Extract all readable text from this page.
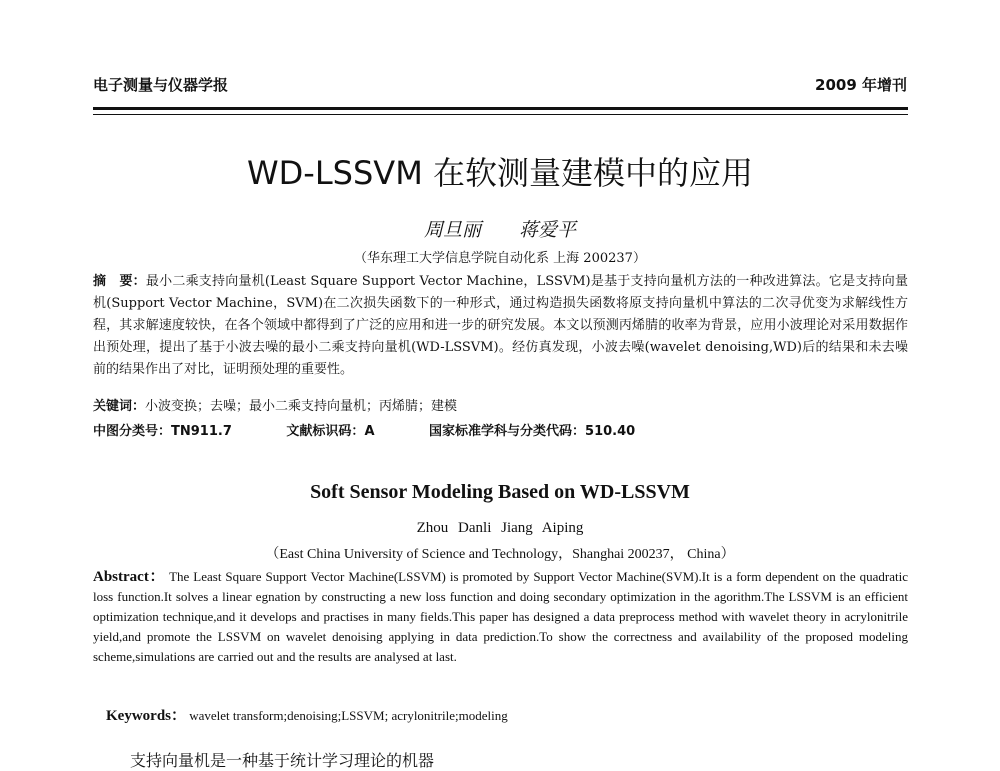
电子测量与仪器学报	2009 年增刊
WD-LSSVM 在软测量建模中的应用
周旦丽 蒋爱平
（华东理工大学信息学院自动化系 上海 200237）
摘　要：最小二乘支持向量机(Least Square Support Vector Machine，LSSVM)是基于支持向量机方法的一种改进算法。它是支持向量机(Support Vector Machine，SVM)在二次损失函数下的一种形式，通过构造损失函数将原支持向量机中算法的二次寻优变为求解线性方程，其求解速度较快，在各个领域中都得到了广泛的应用和进一步的研究发展。本文以预测丙烯腈的收率为背景，应用小波理论对采用数据作出预处理，提出了基于小波去噪的最小二乘支持向量机(WD-LSSVM)。经仿真发现，小波去噪(wavelet denoising,WD)后的结果和未去噪前的结果作出了对比，证明预处理的重要性。
关键词：小波变换；去噪；最小二乘支持向量机；丙烯腈；建模
中图分类号：TN911.7	文献标识码：A	国家标准学科与分类代码：510.40
Soft Sensor Modeling Based on WD-LSSVM
Zhou Danli Jiang Aiping
（East China University of Science and Technology，Shanghai 200237， China）
Abstract： The Least Square Support Vector Machine(LSSVM) is promoted by Support Vector Machine(SVM).It is a form dependent on the quadratic loss function.It solves a linear egnation by constructing a new loss function and doing secondary optimization in the agorithm.The LSSVM is an efficient optimization technique,and it develops and practises in many fields.This paper has designed a data preprocess method with wavelet theory in acrylonitrile yield,and promote the LSSVM on wavelet denoising applying in data prediction.To show the correctness and availability of the proposed modeling scheme,simulations are carried out and the results are analysed at last.
Keywords： wavelet transform;denoising;LSSVM; acrylonitrile;modeling
支持向量机是一种基于统计学习理论的机器
